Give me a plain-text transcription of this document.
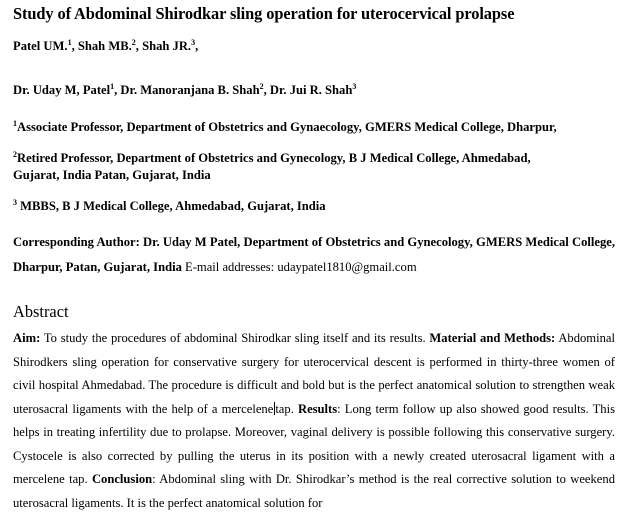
Study of Abdominal Shirodkar sling operation for uterocervical prolapse
Patel UM.$^1$, Shah MB.$^2$, Shah JR.$^3$,
Dr. Uday M, Patel$^1$, Dr. Manoranjana B. Shah$^2$, Dr. Jui R. Shah$^3$
$^1$Associate Professor, Department of Obstetrics and Gynaecology, GMERS Medical College, Dharpur,
$^2$Retired Professor, Department of Obstetrics and Gynecology, B J Medical College, Ahmedabad,
Gujarat, India Patan, Gujarat, India
$^3$ MBBS, B J Medical College, Ahmedabad, Gujarat, India
Corresponding Author: Dr. Uday M Patel, Department of Obstetrics and Gynecology, GMERS Medical College, Dharpur, Patan, Gujarat, India E-mail addresses: udaypatel1810@gmail.com
Abstract
Aim: To study the procedures of abdominal Shirodkar sling itself and its results. Material and Methods: Abdominal Shirodkers sling operation for conservative surgery for uterocervical descent is performed in thirty-three women of civil hospital Ahmedabad. The procedure is difficult and bold but is the perfect anatomical solution to strengthen weak uterosacral ligaments with the help of a mercelene tap. Results: Long term follow up also showed good results. This helps in treating infertility due to prolapse. Moreover, vaginal delivery is possible following this conservative surgery. Cystocele is also corrected by pulling the uterus in its position with a newly created uterosacral ligament with a mercelene tap. Conclusion: Abdominal sling with Dr. Shirodkar’s method is the real corrective solution to weekend uterosacral ligaments. It is the perfect anatomical solution for
